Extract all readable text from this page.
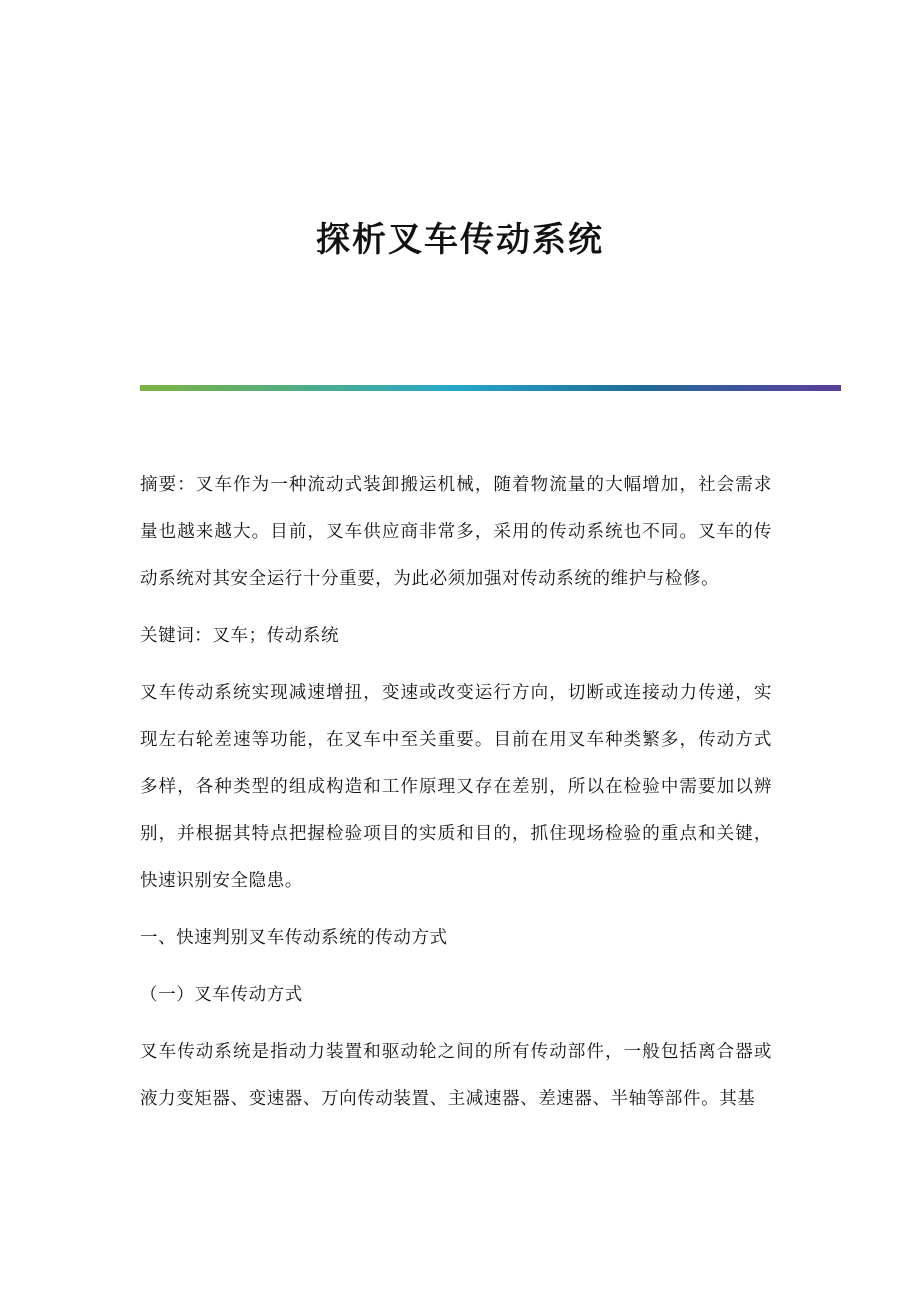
探析叉车传动系统

摘要：叉车作为一种流动式装卸搬运机械，随着物流量的大幅增加，社会需求量也越来越大。目前，叉车供应商非常多，采用的传动系统也不同。叉车的传动系统对其安全运行十分重要，为此必须加强对传动系统的维护与检修。

关键词：叉车；传动系统

叉车传动系统实现减速增扭，变速或改变运行方向，切断或连接动力传递，实现左右轮差速等功能，在叉车中至关重要。目前在用叉车种类繁多，传动方式多样，各种类型的组成构造和工作原理又存在差别，所以在检验中需要加以辨别，并根据其特点把握检验项目的实质和目的，抓住现场检验的重点和关键，快速识别安全隐患。

一、快速判别叉车传动系统的传动方式

（一）叉车传动方式

叉车传动系统是指动力装置和驱动轮之间的所有传动部件，一般包括离合器或液力变矩器、变速器、万向传动装置、主减速器、差速器、半轴等部件。其基
